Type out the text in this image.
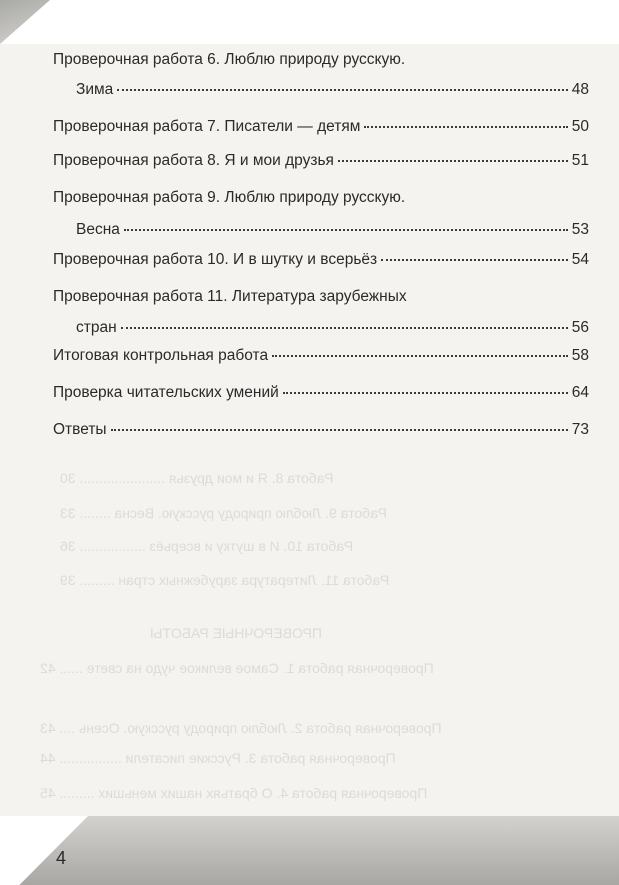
Работа 8. Я и мои друзья ...................... 30
Работа 9. Люблю природу русскую. Весна ........ 33
Работа 10. И в шутку и всерьёз ................. 36
Работа 11. Литература зарубежных стран ......... 39
ПРОВЕРОЧНЫЕ РАБОТЫ
Проверочная работа 1. Самое великое чудо на свете ...... 42
Проверочная работа 2. Люблю природу русскую. Осень .... 43
Проверочная работа 3. Русские писатели ................ 44
Проверочная работа 4. О братьях наших меньших ......... 45
Проверочная работа 6. Люблю природу русскую.
Зима	48
Проверочная работа 7. Писатели — детям	50
Проверочная работа 8. Я и мои друзья	51
Проверочная работа 9. Люблю природу русскую.
Весна	53
Проверочная работа 10. И в шутку и всерьёз	54
Проверочная работа 11. Литература зарубежных
стран	56
Итоговая контрольная работа	58
Проверка читательских умений	64
Ответы	73
4
